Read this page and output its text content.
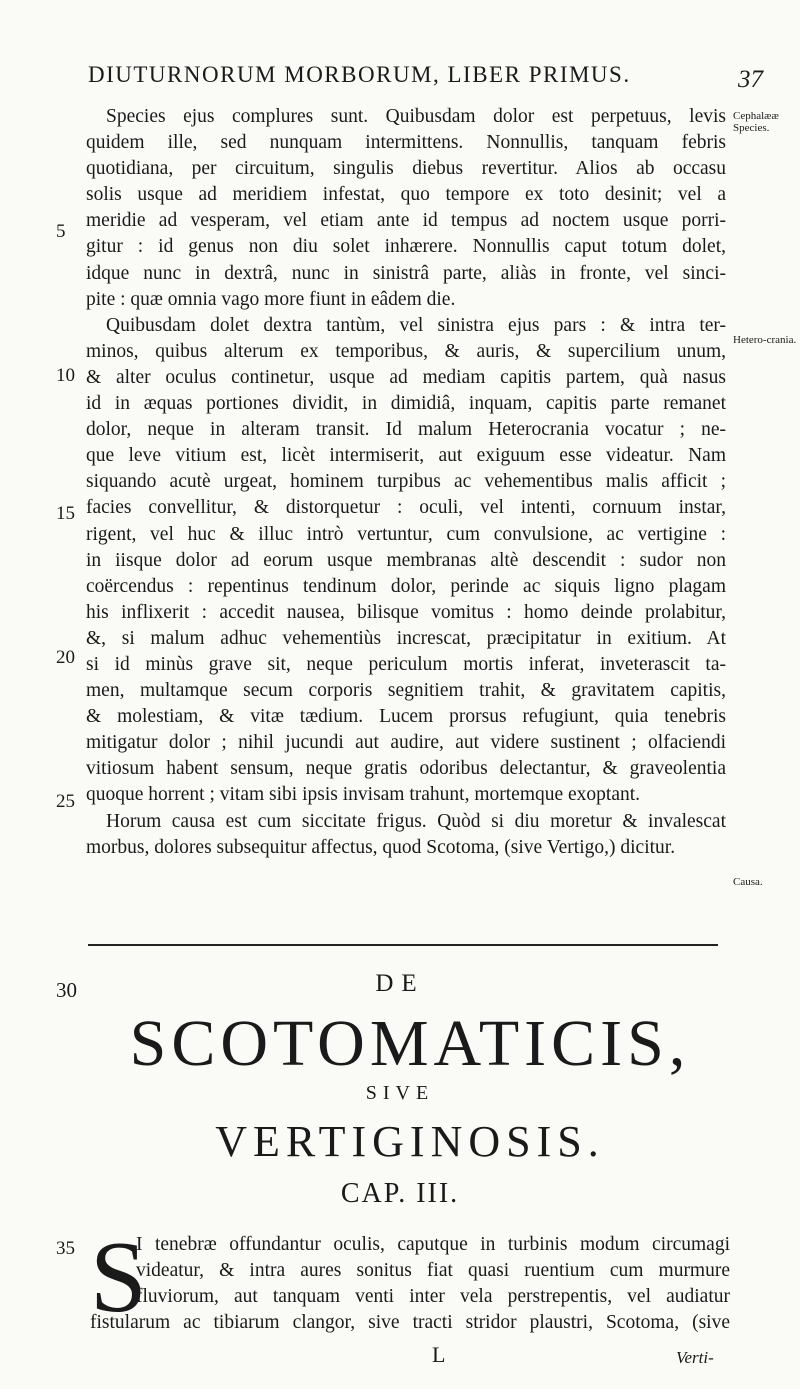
DIUTURNORUM MORBORUM, LIBER PRIMUS.	37
Species ejus complures sunt. Quibusdam dolor est perpetuus, levis
quidem ille, sed nunquam intermittens. Nonnullis, tanquam febris
quotidiana, per circuitum, singulis diebus revertitur. Alios ab occasu
solis usque ad meridiem infestat, quo tempore ex toto desinit; vel a
meridie ad vesperam, vel etiam ante id tempus ad noctem usque porri-
gitur : id genus non diu solet inhærere. Nonnullis caput totum dolet,
idque nunc in dextrâ, nunc in sinistrâ parte, aliàs in fronte, vel sinci-
pite : quæ omnia vago more fiunt in eâdem die.
Quibusdam dolet dextra tantùm, vel sinistra ejus pars : & intra ter-
minos, quibus alterum ex temporibus, & auris, & supercilium unum,
& alter oculus continetur, usque ad mediam capitis partem, quà nasus
id in æquas portiones dividit, in dimidiâ, inquam, capitis parte remanet
dolor, neque in alteram transit. Id malum Heterocrania vocatur ; ne-
que leve vitium est, licèt intermiserit, aut exiguum esse videatur. Nam
siquando acutè urgeat, hominem turpibus ac vehementibus malis afficit ;
facies convellitur, & distorquetur : oculi, vel intenti, cornuum instar,
rigent, vel huc & illuc intrò vertuntur, cum convulsione, ac vertigine :
in iisque dolor ad eorum usque membranas altè descendit : sudor non
coërcendus : repentinus tendinum dolor, perinde ac siquis ligno plagam
his inflixerit : accedit nausea, bilisque vomitus : homo deinde prolabitur,
&, si malum adhuc vehementiùs increscat, præcipitatur in exitium. At
si id minùs grave sit, neque periculum mortis inferat, inveterascit ta-
men, multamque secum corporis segnitiem trahit, & gravitatem capitis,
& molestiam, & vitæ tædium. Lucem prorsus refugiunt, quia tenebris
mitigatur dolor ; nihil jucundi aut audire, aut videre sustinent ; olfaciendi
vitiosum habent sensum, neque gratis odoribus delectantur, & graveolentia
quoque horrent ; vitam sibi ipsis invisam trahunt, mortemque exoptant.
Horum causa est cum siccitate frigus. Quòd si diu moretur & invalescat
morbus, dolores subsequitur affectus, quod Scotoma, (sive Vertigo,) dicitur.
5
10
15
20
25
Cephalææ Species.
Hetero-crania.
Causa.
30	DE
SCOTOMATICIS,
SIVE
VERTIGINOSIS.
CAP. III.
35 S
I tenebræ offundantur oculis, caputque in turbinis modum circumagi
videatur, & intra aures sonitus fiat quasi ruentium cum murmure
fluviorum, aut tanquam venti inter vela perstrepentis, vel audiatur
fistularum ac tibiarum clangor, sive tracti stridor plaustri, Scotoma, (sive
L	Verti-
